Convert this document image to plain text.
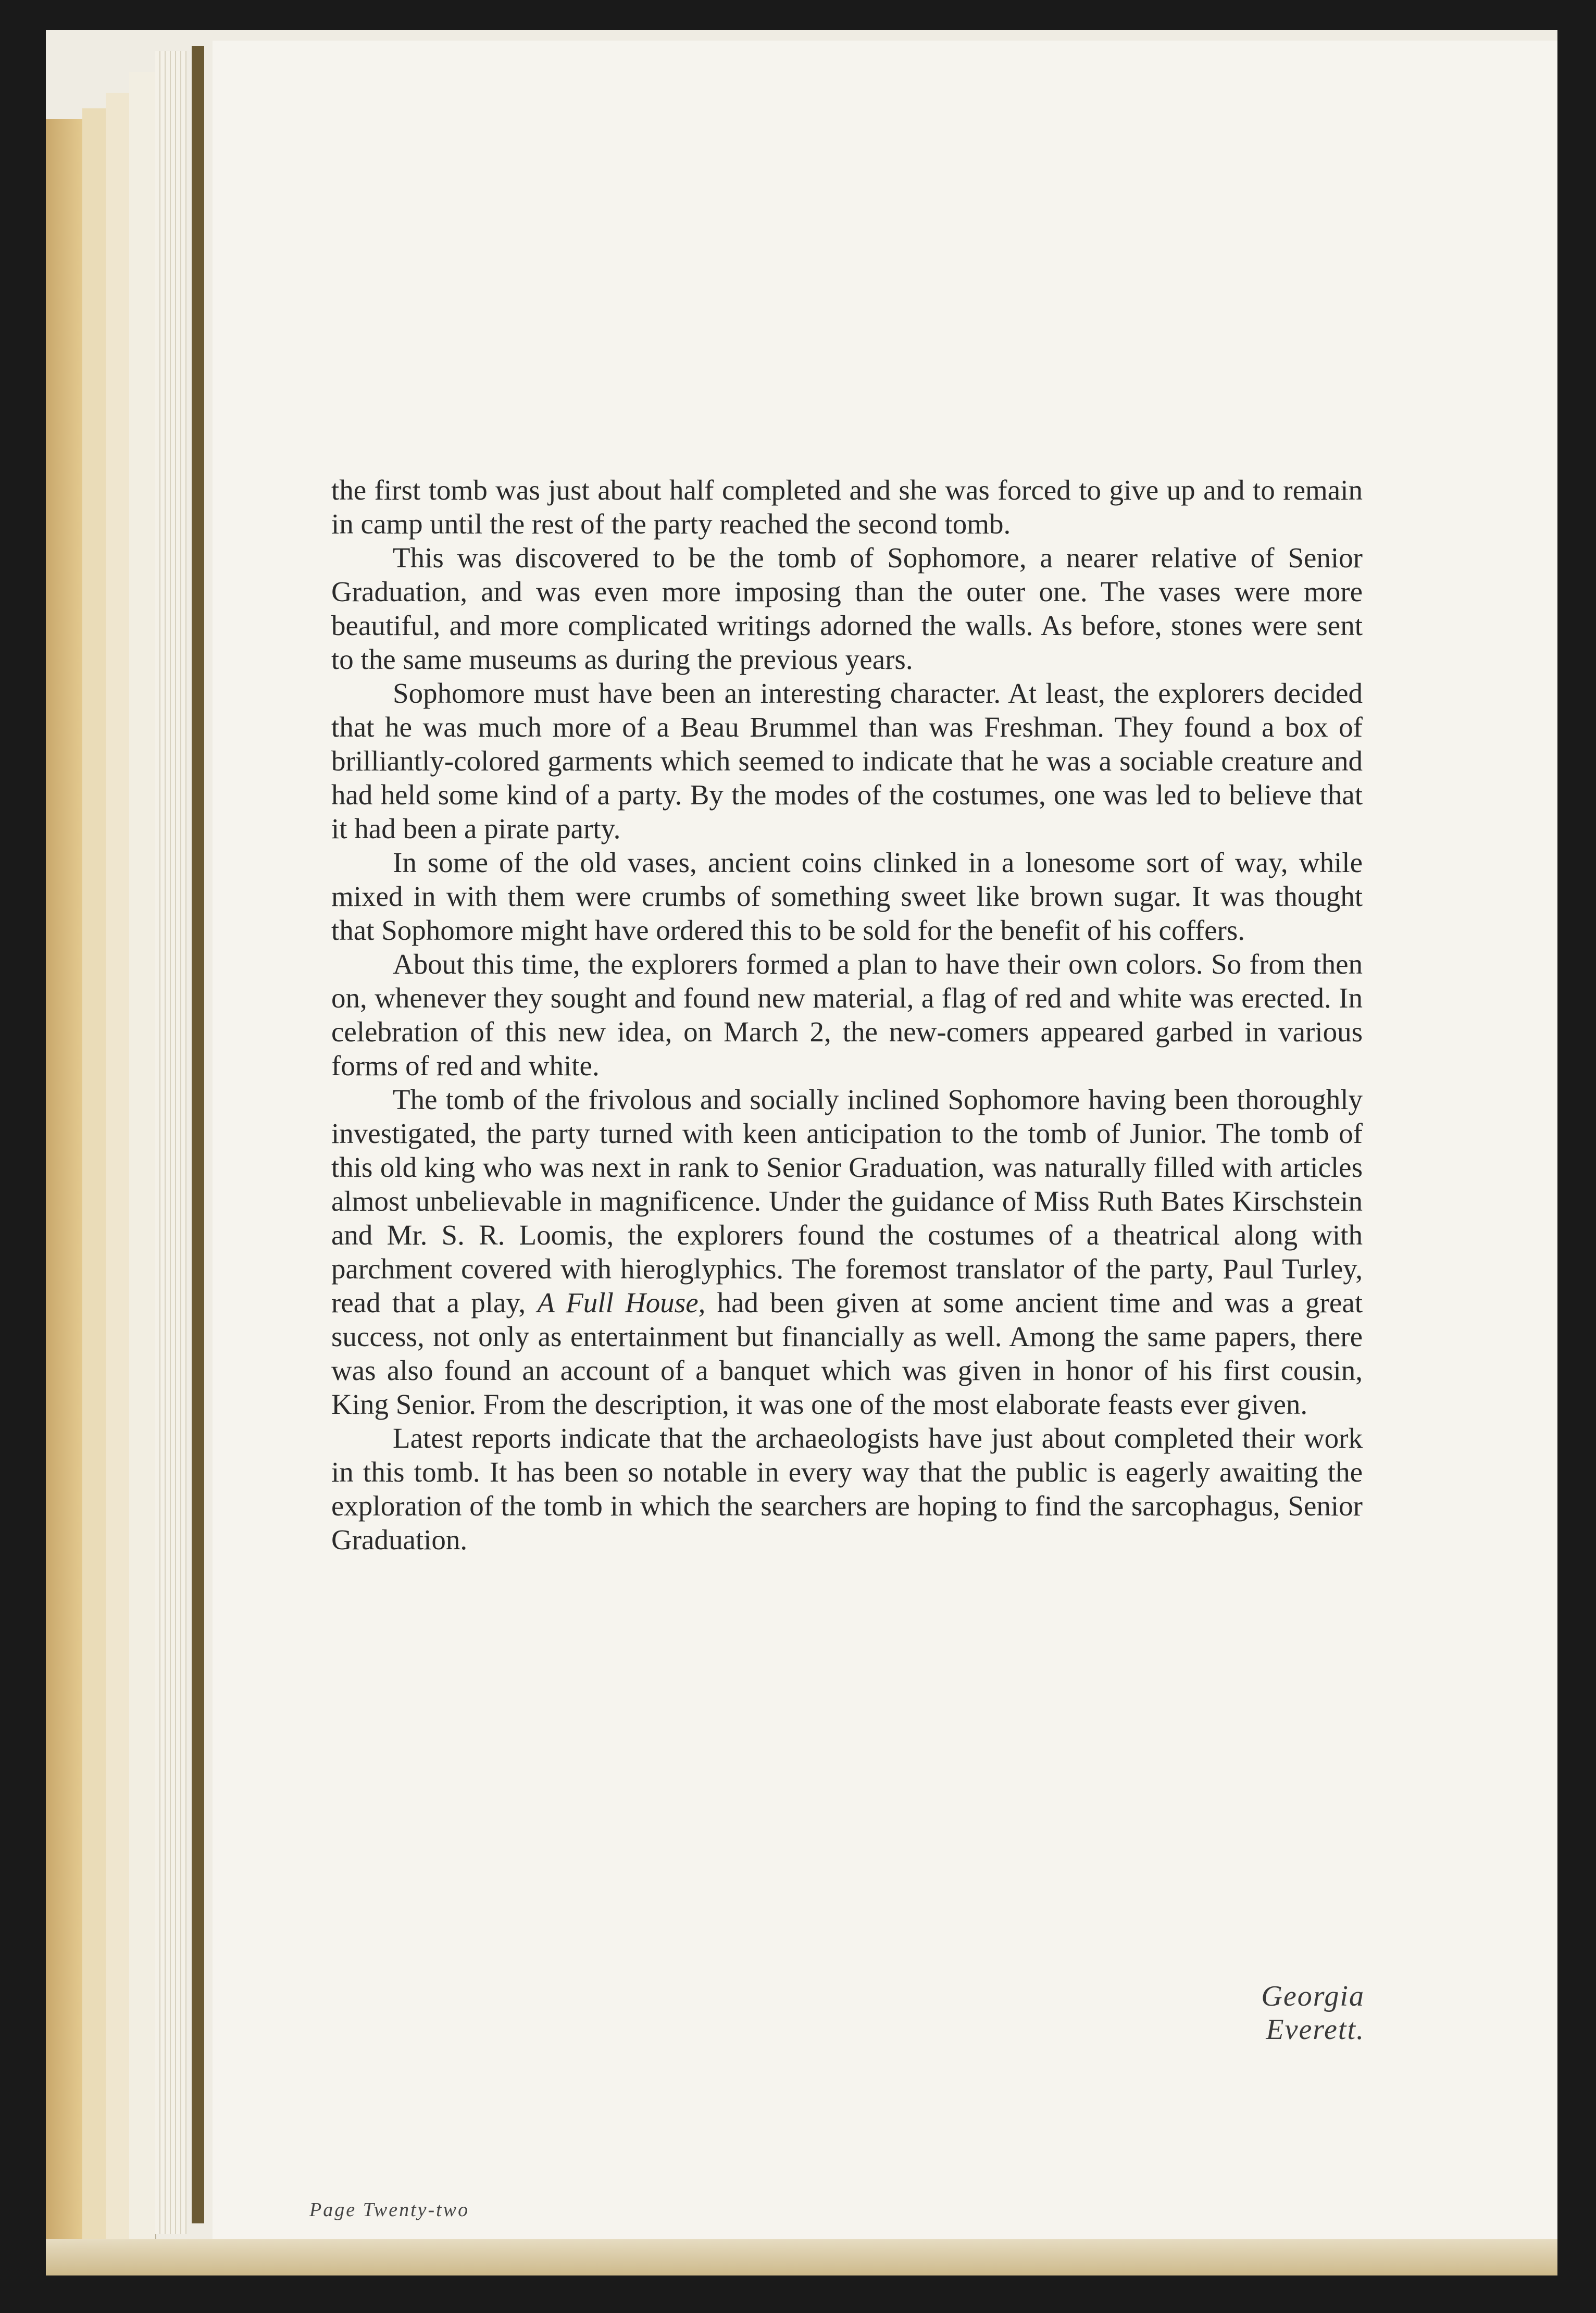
the first tomb was just about half completed and she was forced to give up and to remain in camp until the rest of the party reached the second tomb.

This was discovered to be the tomb of Sophomore, a nearer relative of Senior Graduation, and was even more imposing than the outer one. The vases were more beautiful, and more complicated writings adorned the walls. As before, stones were sent to the same museums as during the previous years.

Sophomore must have been an interesting character. At least, the explorers decided that he was much more of a Beau Brummel than was Freshman. They found a box of brilliantly-colored garments which seemed to indicate that he was a sociable creature and had held some kind of a party. By the modes of the costumes, one was led to believe that it had been a pirate party.

In some of the old vases, ancient coins clinked in a lonesome sort of way, while mixed in with them were crumbs of something sweet like brown sugar. It was thought that Sophomore might have ordered this to be sold for the benefit of his coffers.

About this time, the explorers formed a plan to have their own colors. So from then on, whenever they sought and found new material, a flag of red and white was erected. In celebration of this new idea, on March 2, the new-comers appeared garbed in various forms of red and white.

The tomb of the frivolous and socially inclined Sophomore having been thoroughly investigated, the party turned with keen anticipation to the tomb of Junior. The tomb of this old king who was next in rank to Senior Graduation, was naturally filled with articles almost unbelievable in magnificence. Under the guidance of Miss Ruth Bates Kirschstein and Mr. S. R. Loomis, the explorers found the costumes of a theatrical along with parchment covered with hieroglyphics. The foremost translator of the party, Paul Turley, read that a play, A Full House, had been given at some ancient time and was a great success, not only as entertainment but financially as well. Among the same papers, there was also found an account of a banquet which was given in honor of his first cousin, King Senior. From the description, it was one of the most elaborate feasts ever given.

Latest reports indicate that the archaeologists have just about completed their work in this tomb. It has been so notable in every way that the public is eagerly awaiting the exploration of the tomb in which the searchers are hoping to find the sarcophagus, Senior Graduation.

Georgia Everett.
Page Twenty-two
